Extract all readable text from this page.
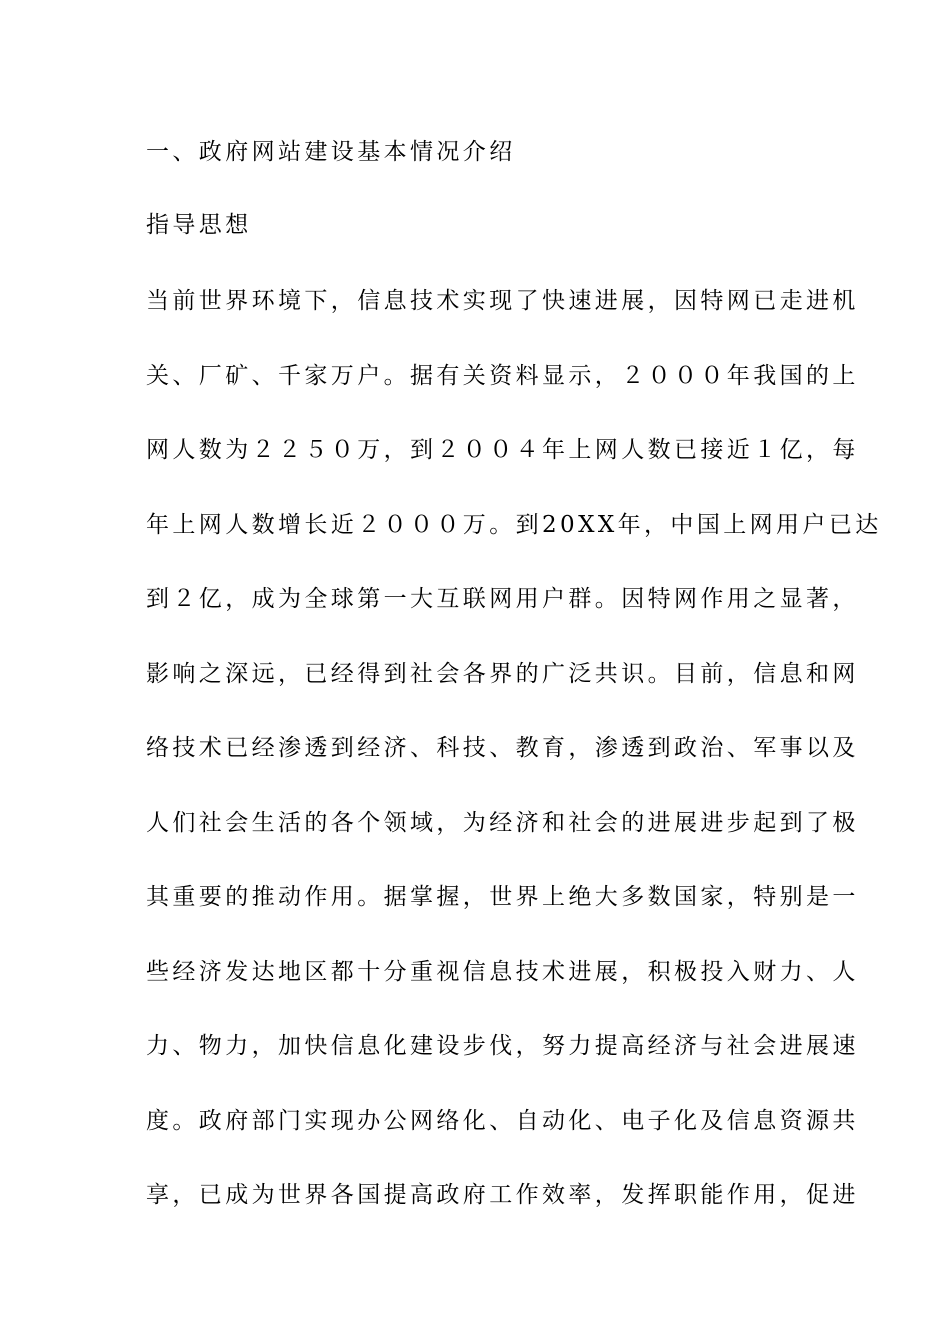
一、政府网站建设基本情况介绍
指导思想

当前世界环境下，信息技术实现了快速进展，因特网已走进机

关、厂矿、千家万户。据有关资料显示，２０００年我国的上

网人数为２２５０万，到２００４年上网人数已接近１亿，每

年上网人数增长近２０００万。到20XX年，中国上网用户已达

到２亿，成为全球第一大互联网用户群。因特网作用之显著，

影响之深远，已经得到社会各界的广泛共识。目前，信息和网

络技术已经渗透到经济、科技、教育，渗透到政治、军事以及

人们社会生活的各个领域，为经济和社会的进展进步起到了极

其重要的推动作用。据掌握，世界上绝大多数国家，特别是一

些经济发达地区都十分重视信息技术进展，积极投入财力、人

力、物力，加快信息化建设步伐，努力提高经济与社会进展速

度。政府部门实现办公网络化、自动化、电子化及信息资源共

享，已成为世界各国提高政府工作效率，发挥职能作用，促进
